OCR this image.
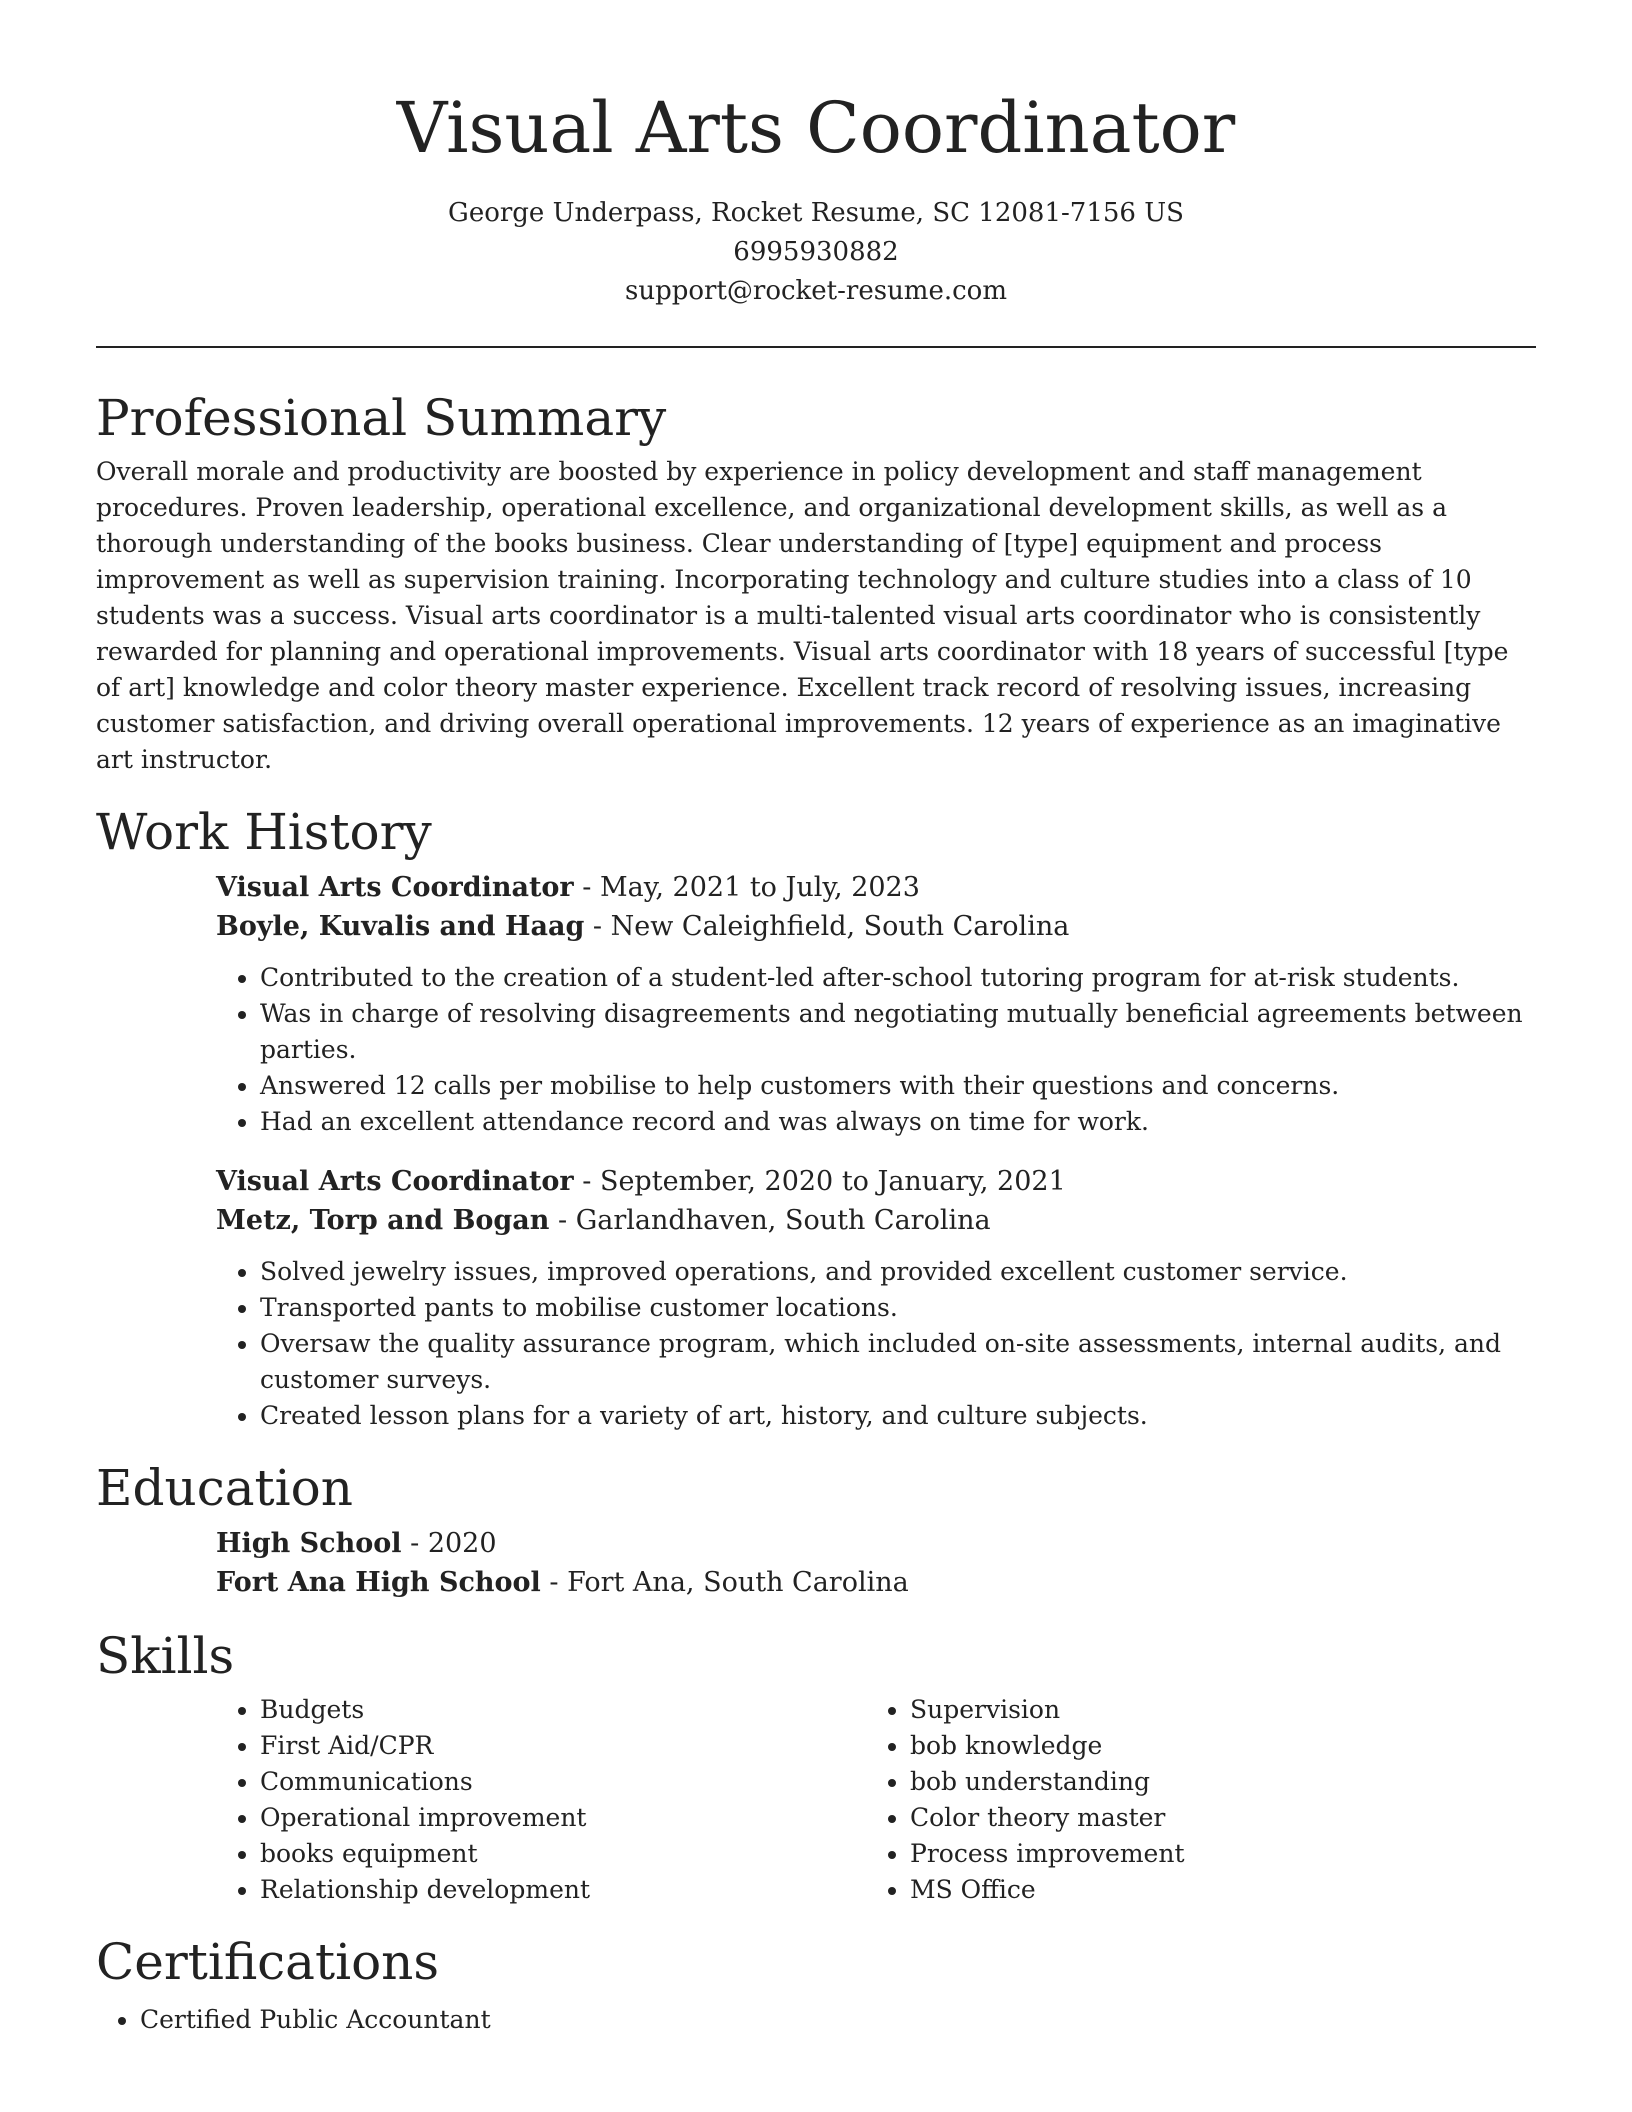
Visual Arts Coordinator
George Underpass, Rocket Resume, SC 12081-7156 US
6995930882
support@rocket-resume.com
Professional Summary

Overall morale and productivity are boosted by experience in policy development and staff management procedures. Proven leadership, operational excellence, and organizational development skills, as well as a thorough understanding of the books business. Clear understanding of [type] equipment and process improvement as well as supervision training. Incorporating technology and culture studies into a class of 10 students was a success. Visual arts coordinator is a multi-talented visual arts coordinator who is consistently rewarded for planning and operational improvements. Visual arts coordinator with 18 years of successful [type of art] knowledge and color theory master experience. Excellent track record of resolving issues, increasing customer satisfaction, and driving overall operational improvements. 12 years of experience as an imaginative art instructor.

Work History
Visual Arts Coordinator - May, 2021 to July, 2023
Boyle, Kuvalis and Haag - New Caleighfield, South Carolina
• Contributed to the creation of a student-led after-school tutoring program for at-risk students.
• Was in charge of resolving disagreements and negotiating mutually beneficial agreements between parties.
• Answered 12 calls per mobilise to help customers with their questions and concerns.
• Had an excellent attendance record and was always on time for work.
Visual Arts Coordinator - September, 2020 to January, 2021
Metz, Torp and Bogan - Garlandhaven, South Carolina
• Solved jewelry issues, improved operations, and provided excellent customer service.
• Transported pants to mobilise customer locations.
• Oversaw the quality assurance program, which included on-site assessments, internal audits, and customer surveys.
• Created lesson plans for a variety of art, history, and culture subjects.
Education
High School - 2020
Fort Ana High School - Fort Ana, South Carolina
Skills
• Budgets
• First Aid/CPR
• Communications
• Operational improvement
• books equipment
• Relationship development
• Supervision
• bob knowledge
• bob understanding
• Color theory master
• Process improvement
• MS Office
Certifications
• Certified Public Accountant
